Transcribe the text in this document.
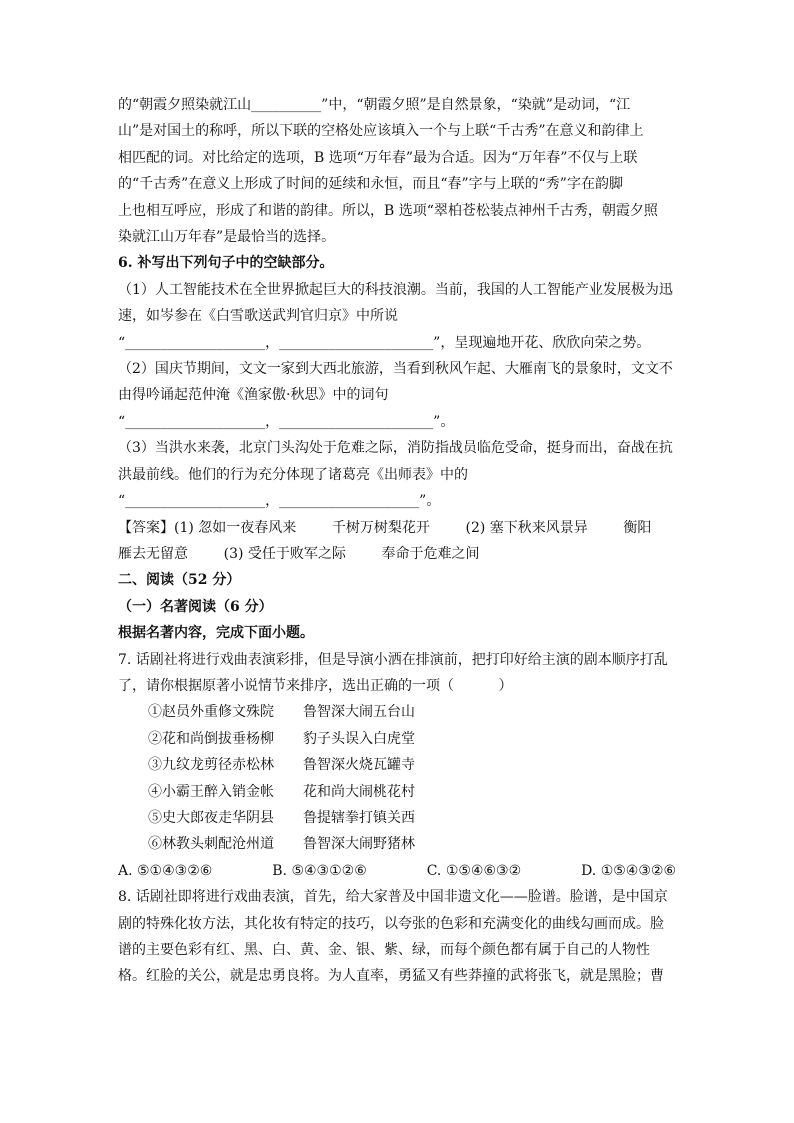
的“朝霞夕照染就江山__________”中，“朝霞夕照”是自然景象，“染就”是动词，“江

山”是对国土的称呼，所以下联的空格处应该填入一个与上联“千古秀”在意义和韵律上

相匹配的词。对比给定的选项，B 选项“万年春”最为合适。因为“万年春”不仅与上联

的“千古秀”在意义上形成了时间的延续和永恒，而且“春”字与上联的“秀”字在韵脚

上也相互呼应，形成了和谐的韵律。所以，B 选项“翠柏苍松装点神州千古秀，朝霞夕照

染就江山万年春”是最恰当的选择。

6. 补写出下列句子中的空缺部分。

（1）人工智能技术在全世界掀起巨大的科技浪潮。当前，我国的人工智能产业发展极为迅

速，如岑参在《白雪歌送武判官归京》中所说

“____________________，______________________”，呈现遍地开花、欣欣向荣之势。

（2）国庆节期间，文文一家到大西北旅游，当看到秋风乍起、大雁南飞的景象时，文文不

由得吟诵起范仲淹《渔家傲·秋思》中的词句

“____________________，______________________”。

（3）当洪水来袭，北京门头沟处于危难之际，消防指战员临危受命，挺身而出，奋战在抗

洪最前线。他们的行为充分体现了诸葛亮《出师表》中的

“____________________，____________________”。

【答案】(1) 忽如一夜春风来        千树万树梨花开        (2) 塞下秋来风景异        衡阳

雁去无留意        (3) 受任于败军之际        奉命于危难之间

二、阅读（52 分）

（一）名著阅读（6 分）

根据名著内容，完成下面小题。

7. 话剧社将进行戏曲表演彩排，但是导演小洒在排演前，把打印好给主演的剧本顺序打乱

了，请你根据原著小说情节来排序，选出正确的一项（          ）

①赵员外重修文殊院 鲁智深大闹五台山
②花和尚倒拔垂杨柳 豹子头误入白虎堂
③九纹龙剪径赤松林 鲁智深火烧瓦罐寺
④小霸王醉入销金帐 花和尚大闹桃花村
⑤史大郎夜走华阴县 鲁提辖拳打镇关西
⑥林教头刺配沧州道 鲁智深大闹野猪林
A. ⑤①④③②⑥	B. ⑤④③①②⑥	C. ①⑤④⑥③②	D. ①⑤④③②⑥

8. 话剧社即将进行戏曲表演，首先，给大家普及中国非遗文化——脸谱。脸谱，是中国京

剧的特殊化妆方法，其化妆有特定的技巧，以夸张的色彩和充满变化的曲线勾画而成。脸

谱的主要色彩有红、黑、白、黄、金、银、紫、绿，而每个颜色都有属于自己的人物性

格。红脸的关公，就是忠勇良将。为人直率，勇猛又有些莽撞的武将张飞，就是黑脸；曹
